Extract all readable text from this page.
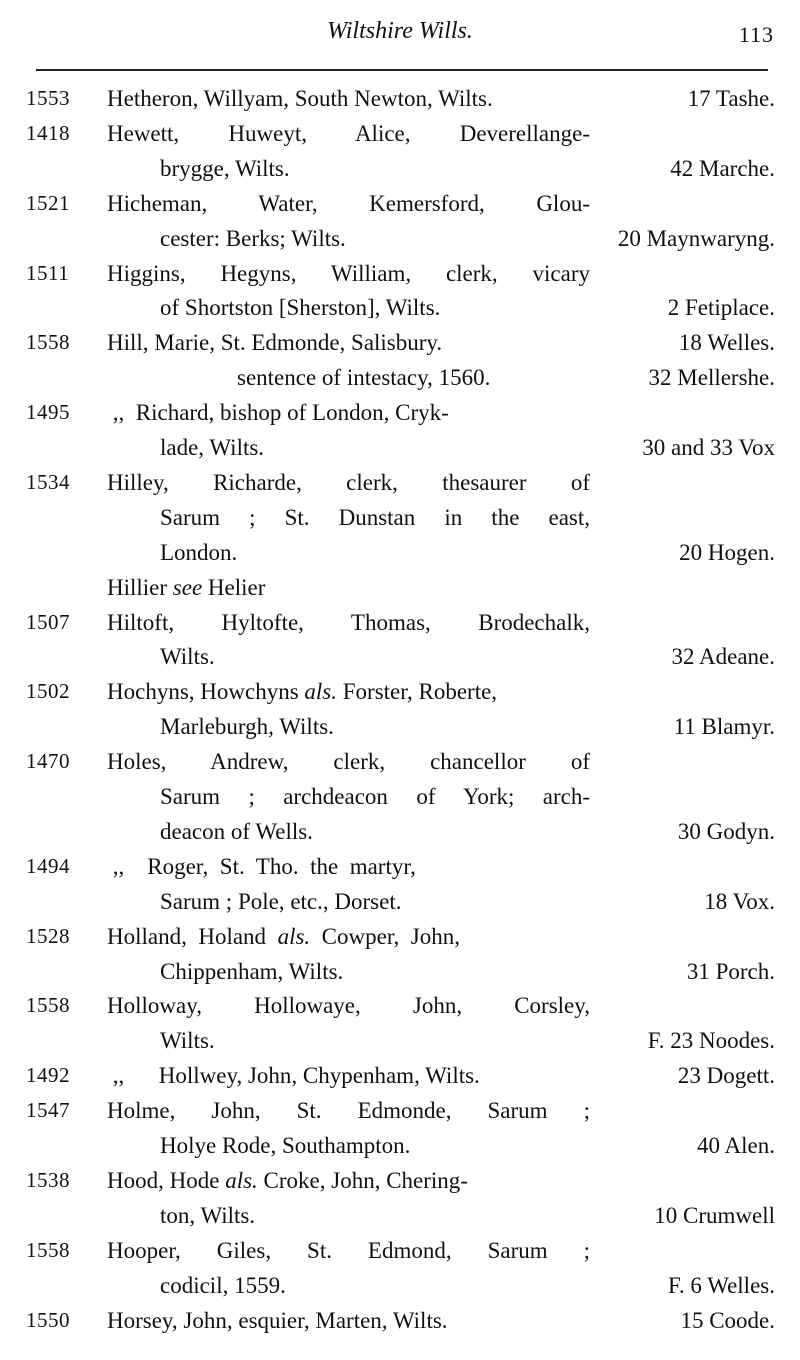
Wiltshire Wills.	113
1553 Hetheron, Willyam, South Newton, Wilts.	17 Tashe.
1418 Hewett, Huweyt, Alice, Deverellange-
brygge, Wilts.	42 Marche.
1521 Hicheman, Water, Kemersford, Glou-
cester: Berks; Wilts.	20 Maynwaryng.
1511 Higgins, Hegyns, William, clerk, vicary
of Shortston [Sherston], Wilts.	2 Fetiplace.
1558 Hill, Marie, St. Edmonde, Salisbury.	18 Welles.
sentence of intestacy, 1560.	32 Mellershe.
1495 ,,  Richard, bishop of London, Cryk-
lade, Wilts.	30 and 33 Vox
1534 Hilley, Richarde, clerk, thesaurer of
Sarum ; St. Dunstan in the east,
London.	20 Hogen.
Hillier see Helier
1507 Hiltoft, Hyltofte, Thomas, Brodechalk,
Wilts.	32 Adeane.
1502 Hochyns, Howchyns als. Forster, Roberte,
Marleburgh, Wilts.	11 Blamyr.
1470 Holes, Andrew, clerk, chancellor of
Sarum ; archdeacon of York; arch-
deacon of Wells.	30 Godyn.
1494 ,,    Roger,  St.  Tho.  the  martyr,
Sarum ; Pole, etc., Dorset.	18 Vox.
1528 Holland,  Holand  als.  Cowper,  John,
Chippenham, Wilts.	31 Porch.
1558 Holloway, Hollowaye, John, Corsley,
Wilts.	F. 23 Noodes.
1492 ,,      Hollwey, John, Chypenham, Wilts.	23 Dogett.
1547 Holme, John, St. Edmonde, Sarum ;
Holye Rode, Southampton.	40 Alen.
1538 Hood, Hode als. Croke, John, Chering-
ton, Wilts.	10 Crumwell
1558 Hooper, Giles, St. Edmond, Sarum ;
codicil, 1559.	F. 6 Welles.
1550 Horsey, John, esquier, Marten, Wilts.	15 Coode.
